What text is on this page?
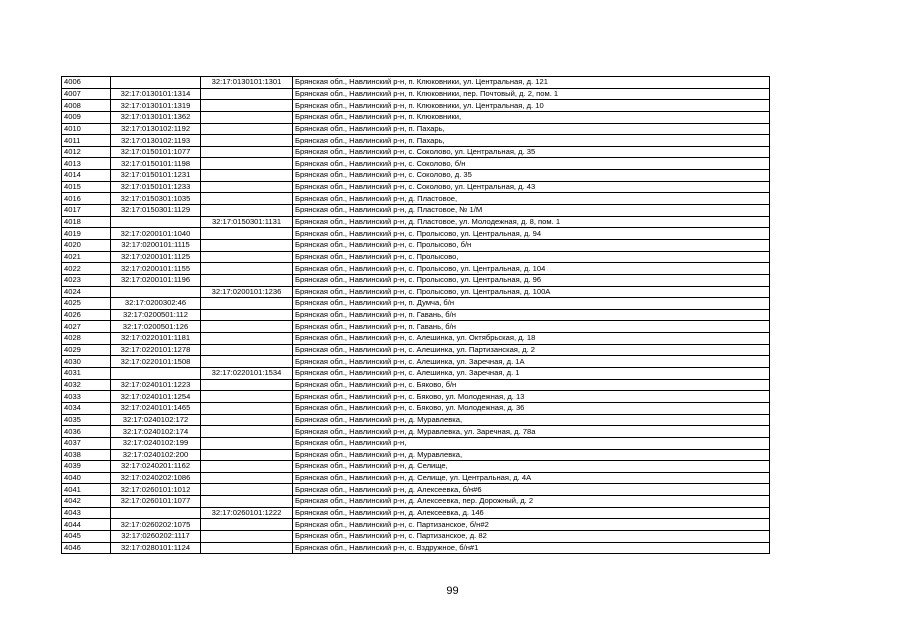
4006		32:17:0130101:1301	Брянская обл., Навлинский р-н, п. Клюковники, ул. Центральная, д. 121
4007	32:17:0130101:1314		Брянская обл., Навлинский р-н, п. Клюковники, пер. Почтовый, д. 2, пом. 1
4008	32:17:0130101:1319		Брянская обл., Навлинский р-н, п. Клюковники, ул. Центральная, д. 10
4009	32:17:0130101:1362		Брянская обл., Навлинский р-н, п. Клюковники,
4010	32:17:0130102:1192		Брянская обл., Навлинский р-н, п. Пахарь,
4011	32:17:0130102:1193		Брянская обл., Навлинский р-н, п. Пахарь,
4012	32:17:0150101:1077		Брянская обл., Навлинский р-н, с. Соколово, ул. Центральная, д. 35
4013	32:17:0150101:1198		Брянская обл., Навлинский р-н, с. Соколово, б/н
4014	32:17:0150101:1231		Брянская обл., Навлинский р-н, с. Соколово, д. 35
4015	32:17:0150101:1233		Брянская обл., Навлинский р-н, с. Соколово, ул. Центральная, д. 43
4016	32:17:0150301:1035		Брянская обл., Навлинский р-н, д. Пластовое,
4017	32:17:0150301:1129		Брянская обл., Навлинский р-н, д. Пластовое, № 1/М
4018		32:17:0150301:1131	Брянская обл., Навлинский р-н, д. Пластовое, ул. Молодежная, д. 8, пом. 1
4019	32:17:0200101:1040		Брянская обл., Навлинский р-н, с. Пролысово, ул. Центральная, д. 94
4020	32:17:0200101:1115		Брянская обл., Навлинский р-н, с. Пролысово, б/н
4021	32:17:0200101:1125		Брянская обл., Навлинский р-н, с. Пролысово,
4022	32:17:0200101:1155		Брянская обл., Навлинский р-н, с. Пролысово, ул. Центральная, д. 104
4023	32:17:0200101:1196		Брянская обл., Навлинский р-н, с. Пролысово, ул. Центральная, д. 96
4024		32:17:0200101:1236	Брянская обл., Навлинский р-н, с. Пролысово, ул. Центральная, д. 100А
4025	32:17:0200302:46		Брянская обл., Навлинский р-н, п. Думча, б/н
4026	32:17:0200501:112		Брянская обл., Навлинский р-н, п. Гавань, б/н
4027	32:17:0200501:126		Брянская обл., Навлинский р-н, п. Гавань, б/н
4028	32:17:0220101:1181		Брянская обл., Навлинский р-н, с. Алешинка, ул. Октябрьская, д. 18
4029	32:17:0220101:1278		Брянская обл., Навлинский р-н, с. Алешинка, ул. Партизанская, д. 2
4030	32:17:0220101:1508		Брянская обл., Навлинский р-н, с. Алешинка, ул. Заречная, д. 1А
4031		32:17:0220101:1534	Брянская обл., Навлинский р-н, с. Алешинка, ул. Заречная, д. 1
4032	32:17:0240101:1223		Брянская обл., Навлинский р-н, с. Бяково, б/н
4033	32:17:0240101:1254		Брянская обл., Навлинский р-н, с. Бяково, ул. Молодежная, д. 13
4034	32:17:0240101:1465		Брянская обл., Навлинский р-н, с. Бяково, ул. Молодежная, д. 36
4035	32:17:0240102:172		Брянская обл., Навлинский р-н, д. Муравлевка,
4036	32:17:0240102:174		Брянская обл., Навлинский р-н, д. Муравлевка, ул. Заречная, д. 78а
4037	32:17:0240102:199		Брянская обл., Навлинский р-н,
4038	32:17:0240102:200		Брянская обл., Навлинский р-н, д. Муравлевка,
4039	32:17:0240201:1162		Брянская обл., Навлинский р-н, д. Селище,
4040	32:17:0240202:1086		Брянская обл., Навлинский р-н, д. Селище, ул. Центральная, д. 4А
4041	32:17:0260101:1012		Брянская обл., Навлинский р-н, д. Алексеевка, б/н#6
4042	32:17:0260101:1077		Брянская обл., Навлинский р-н, д. Алексеевка, пер. Дорожный, д. 2
4043		32:17:0260101:1222	Брянская обл., Навлинский р-н, д. Алексеевка, д. 146
4044	32:17:0260202:1075		Брянская обл., Навлинский р-н, с. Партизанское, б/н#2
4045	32:17:0260202:1117		Брянская обл., Навлинский р-н, с. Партизанское, д. 82
4046	32:17:0280101:1124		Брянская обл., Навлинский р-н, с. Вздружное, б/н#1
99
